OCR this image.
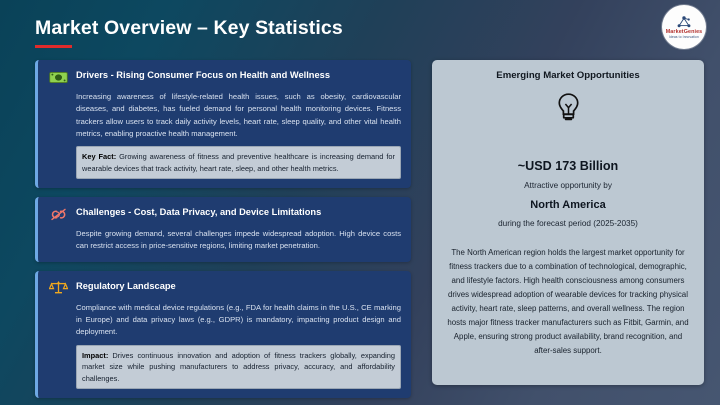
Market Overview – Key Statistics	MarketGenies
Ideas to Innovation
Drivers - Rising Consumer Focus on Health and Wellness
Increasing awareness of lifestyle-related health issues, such as obesity, cardiovascular diseases, and diabetes, has fueled demand for personal health monitoring devices. Fitness trackers allow users to track daily activity levels, heart rate, sleep quality, and other vital health metrics, enabling proactive health management.
Key Fact: Growing awareness of fitness and preventive healthcare is increasing demand for wearable devices that track activity, heart rate, sleep, and other health metrics.
Challenges - Cost, Data Privacy, and Device Limitations
Despite growing demand, several challenges impede widespread adoption. High device costs can restrict access in price-sensitive regions, limiting market penetration.
Regulatory Landscape
Compliance with medical device regulations (e.g., FDA for health claims in the U.S., CE marking in Europe) and data privacy laws (e.g., GDPR) is mandatory, impacting product design and deployment.
Impact: Drives continuous innovation and adoption of fitness trackers globally, expanding market size while pushing manufacturers to address privacy, accuracy, and affordability challenges.
Emerging Market Opportunities
~USD 173 Billion
Attractive opportunity by
North America
during the forecast period (2025-2035)
The North American region holds the largest market opportunity for fitness trackers due to a combination of technological, demographic, and lifestyle factors. High health consciousness among consumers drives widespread adoption of wearable devices for tracking physical activity, heart rate, sleep patterns, and overall wellness. The region hosts major fitness tracker manufacturers such as Fitbit, Garmin, and Apple, ensuring strong product availability, brand recognition, and after-sales support.
